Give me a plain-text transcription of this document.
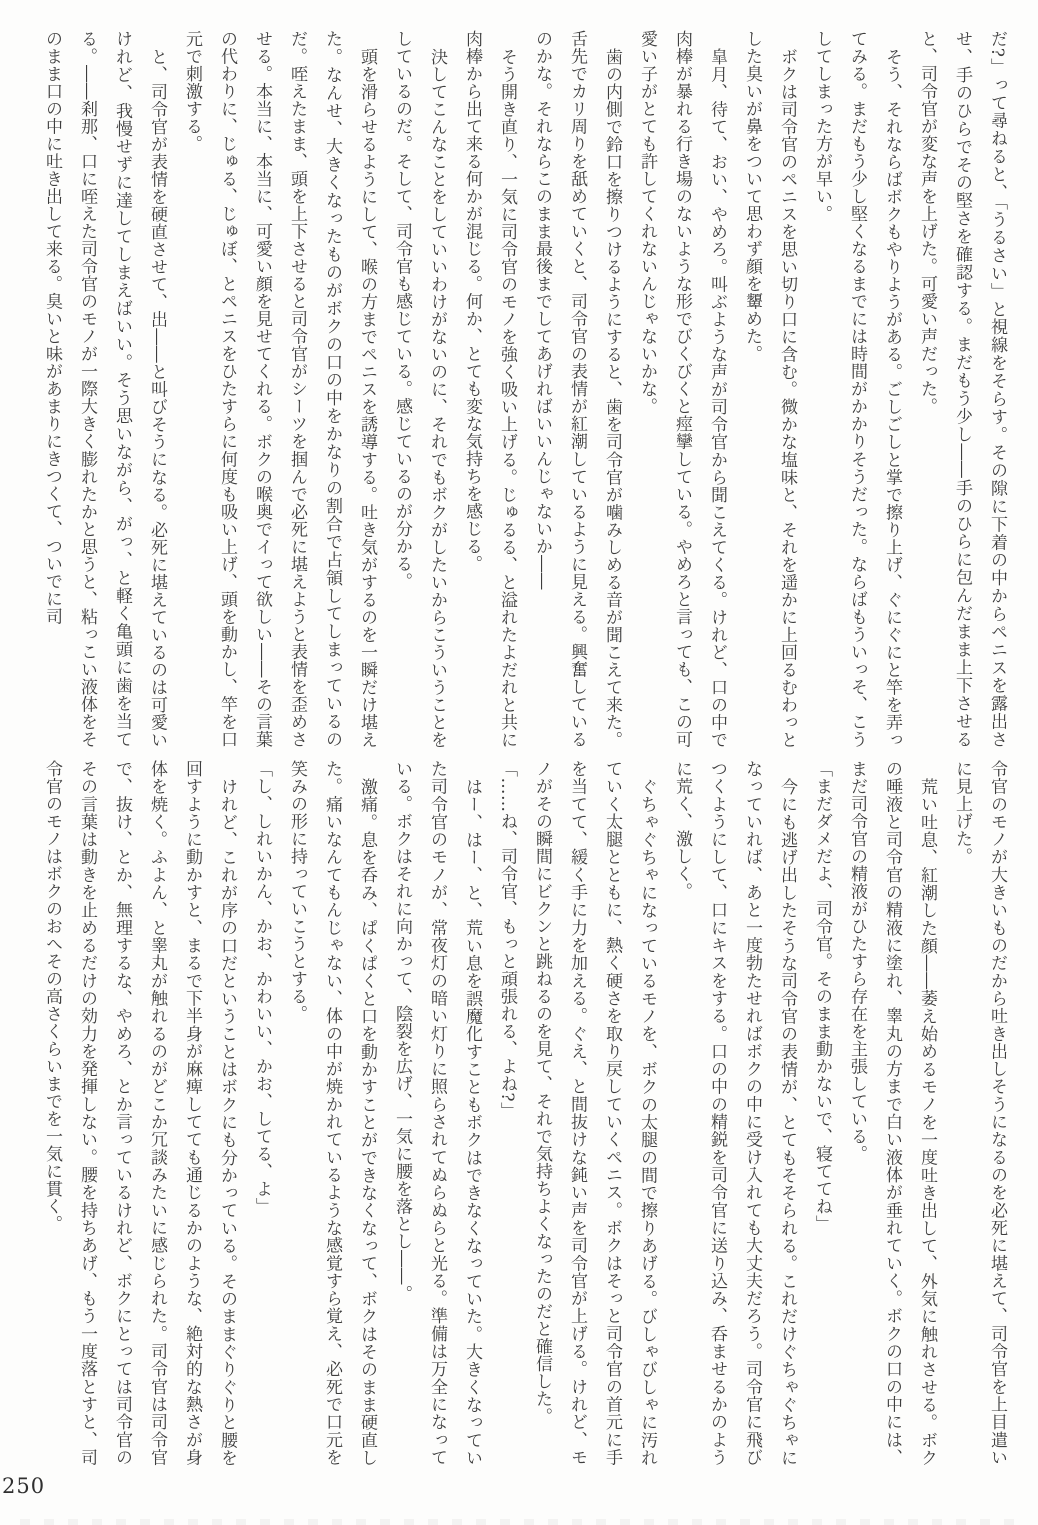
だ?」って尋ねると、「うるさい」と視線をそらす。その隙に下着の中からペニスを露出させ、手のひらでその堅さを確認する。まだもう少し――手のひらに包んだまま上下させると、司令官が変な声を上げた。可愛い声だった。

そう、それならばボクもやりようがある。ごしごしと掌で擦り上げ、ぐにぐにと竿を弄ってみる。まだもう少し堅くなるまでには時間がかかりそうだった。ならばもういっそ、こうしてしまった方が早い。

ボクは司令官のペニスを思い切り口に含む。微かな塩味と、それを遥かに上回るむわっとした臭いが鼻をついて思わず顔を顰めた。

皐月、待て、おい、やめろ。叫ぶような声が司令官から聞こえてくる。けれど、口の中で肉棒が暴れる行き場のないような形でびくびくと痙攣している。やめろと言っても、この可愛い子がとても許してくれないんじゃないかな。

歯の内側で鈴口を擦りつけるようにすると、歯を司令官が噛みしめる音が聞こえて来た。舌先でカリ周りを舐めていくと、司令官の表情が紅潮しているように見える。興奮しているのかな。それならこのまま最後までしてあげればいいんじゃないか――

そう開き直り、一気に司令官のモノを強く吸い上げる。じゅるる、と溢れたよだれと共に肉棒から出て来る何かが混じる。何か、とても変な気持ちを感じる。

決してこんなことをしていいわけがないのに、それでもボクがしたいからこういうことをしているのだ。そして、司令官も感じている。感じているのが分かる。

頭を滑らせるようにして、喉の方までペニスを誘導する。吐き気がするのを一瞬だけ堪えた。なんせ、大きくなったものがボクの口の中をかなりの割合で占領してしまっているのだ。咥えたまま、頭を上下させると司令官がシーツを掴んで必死に堪えようと表情を歪めさせる。本当に、本当に、可愛い顔を見せてくれる。ボクの喉奥でイって欲しい――その言葉の代わりに、じゅる、じゅぼ、とペニスをひたすらに何度も吸い上げ、頭を動かし、竿を口元で刺激する。

と、司令官が表情を硬直させて、出――と叫びそうになる。必死に堪えているのは可愛いけれど、我慢せずに達してしまえばいい。そう思いながら、がっ、と軽く亀頭に歯を当てる。――刹那、口に咥えた司令官のモノが一際大きく膨れたかと思うと、粘っこい液体をそのまま口の中に吐き出して来る。臭いと味があまりにきつくて、ついでに司

令官のモノが大きいものだから吐き出しそうになるのを必死に堪えて、司令官を上目遣いに見上げた。

荒い吐息、紅潮した顔――萎え始めるモノを一度吐き出して、外気に触れさせる。ボクの唾液と司令官の精液に塗れ、睾丸の方まで白い液体が垂れていく。ボクの口の中には、まだ司令官の精液がひたすら存在を主張している。

「まだダメだよ、司令官。そのまま動かないで、寝ててね」

今にも逃げ出したそうな司令官の表情が、とてもそそられる。これだけぐちゃぐちゃになっていれば、あと一度勃たせればボクの中に受け入れても大丈夫だろう。司令官に飛びつくようにして、口にキスをする。口の中の精鋭を司令官に送り込み、呑ませるかのように荒く、激しく。

ぐちゃぐちゃになっているモノを、ボクの太腿の間で擦りあげる。びしゃびしゃに汚れていく太腿とともに、熱く硬さを取り戻していくペニス。ボクはそっと司令官の首元に手を当てて、緩く手に力を加える。ぐえ、と間抜けな鈍い声を司令官が上げる。けれど、モノがその瞬間にビクンと跳ねるのを見て、それで気持ちよくなったのだと確信した。

「……ね、司令官、もっと頑張れる、よね?」

はー、はー、と、荒い息を誤魔化すこともボクはできなくなっていた。大きくなっていた司令官のモノが、常夜灯の暗い灯りに照らされてぬらぬらと光る。準備は万全になっている。ボクはそれに向かって、陰裂を広げ、一気に腰を落とし――。

激痛。息を呑み、ぱくぱくと口を動かすことができなくなって、ボクはそのまま硬直した。痛いなんてもんじゃない、体の中が焼かれているような感覚すら覚え、必死で口元を笑みの形に持っていこうとする。

「し、しれいかん、かお、かわいい、かお、してる、よ」

けれど、これが序の口だということはボクにも分かっている。そのままぐりぐりと腰を回すように動かすと、まるで下半身が麻痺してても通じるかのような、絶対的な熱さが身体を焼く。ふよん、と睾丸が触れるのがどこか冗談みたいに感じられた。司令官は司令官で、抜け、とか、無理するな、やめろ、とか言っているけれど、ボクにとっては司令官のその言葉は動きを止めるだけの効力を発揮しない。腰を持ちあげ、もう一度落とすと、司令官のモノはボクのおへその高さくらいまでを一気に貫く。

250
